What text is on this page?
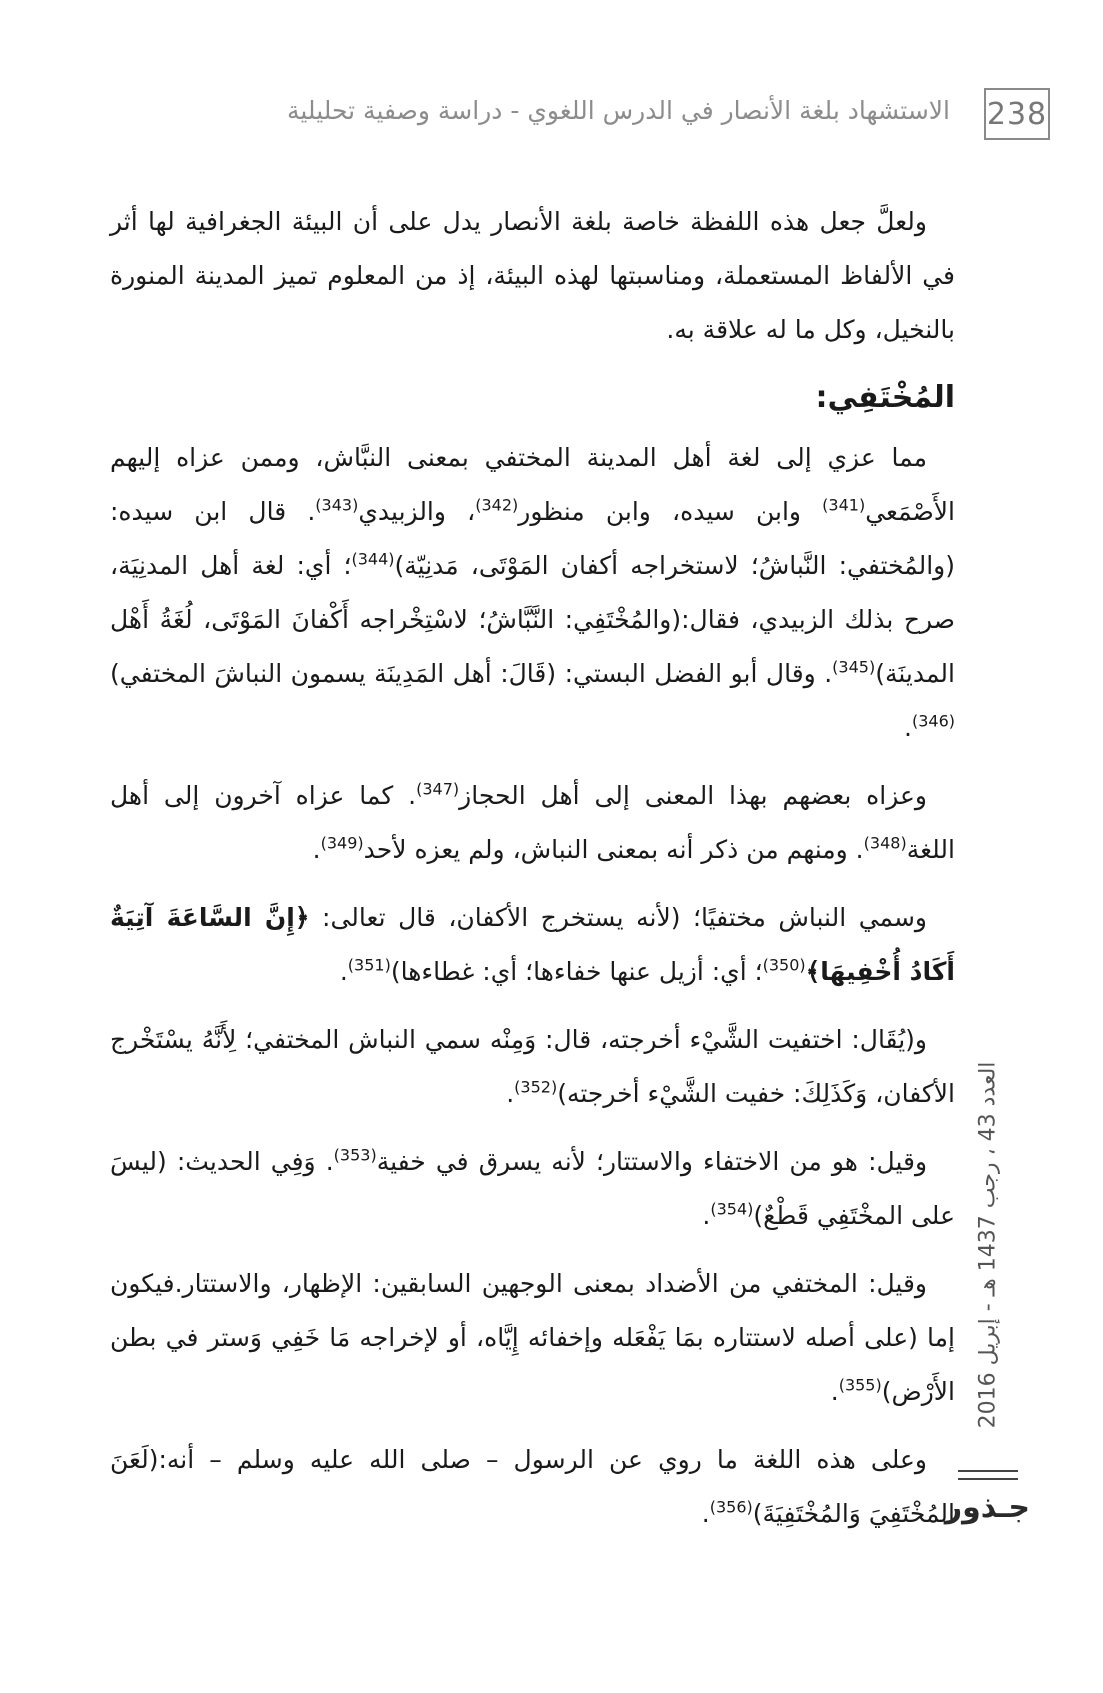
238
الاستشهاد بلغة الأنصار في الدرس اللغوي - دراسة وصفية تحليلية

ولعلَّ جعل هذه اللفظة خاصة بلغة الأنصار يدل على أن البيئة الجغرافية لها أثر في الألفاظ المستعملة، ومناسبتها لهذه البيئة، إذ من المعلوم تميز المدينة المنورة بالنخيل، وكل ما له علاقة به.

المُخْتَفِي:

مما عزي إلى لغة أهل المدينة المختفي بمعنى النبَّاش، وممن عزاه إليهم الأَصْمَعي$^{(341)}$ وابن سيده، وابن منظور$^{(342)}$، والزبيدي$^{(343)}$. قال ابن سيده: (والمُختفي: النَّباشُ؛ لاستخراجه أكفان المَوْتَى، مَدنِيّة)$^{(344)}$؛ أي: لغة أهل المدنِيَة، صرح بذلك الزبيدي، فقال:(والمُخْتَفِي: النَّبَّاشُ؛ لاسْتِخْراجه أَكْفانَ المَوْتَى، لُغَةُ أَهْل المدينَة)$^{(345)}$. وقال أبو الفضل البستي: (قَالَ: أهل المَدِينَة يسمون النباشَ المختفي)$^{(346)}$.

وعزاه بعضهم بهذا المعنى إلى أهل الحجاز$^{(347)}$. كما عزاه آخرون إلى أهل اللغة$^{(348)}$. ومنهم من ذكر أنه بمعنى النباش، ولم يعزه لأحد$^{(349)}$.

وسمي النباش مختفيًا؛ (لأنه يستخرج الأكفان، قال تعالى: ﴿إِنَّ السَّاعَةَ آتِيَةٌ أَكَادُ أُخْفِيهَا﴾$^{(350)}$؛ أي: أزيل عنها خفاءها؛ أي: غطاءها)$^{(351)}$.

و(يُقَال: اختفيت الشَّيْء أخرجته، قال: وَمِنْه سمي النباش المختفي؛ لِأَنَّهُ يسْتَخْرج الأكفان، وَكَذَلِكَ: خفيت الشَّيْء أخرجته)$^{(352)}$.

وقيل: هو من الاختفاء والاستتار؛ لأنه يسرق في خفية$^{(353)}$. وَفِي الحديث: (ليسَ على المخْتَفِي قَطْعٌ)$^{(354)}$.

وقيل: المختفي من الأضداد بمعنى الوجهين السابقين: الإظهار، والاستتار.فيكون إما (على أصله لاستتاره بمَا يَفْعَله وإخفائه إِيَّاه، أو لإخراجه مَا خَفِي وَستر في بطن الأَرْض)$^{(355)}$.

وعلى هذه اللغة ما روي عن الرسول – صلى الله عليه وسلم – أنه:(لَعَنَ المُخْتَفِيَ وَالمُخْتَفِيَةَ)$^{(356)}$.

العدد 43 ، رجب 1437 هـ - إبريل 2016
جـذور
